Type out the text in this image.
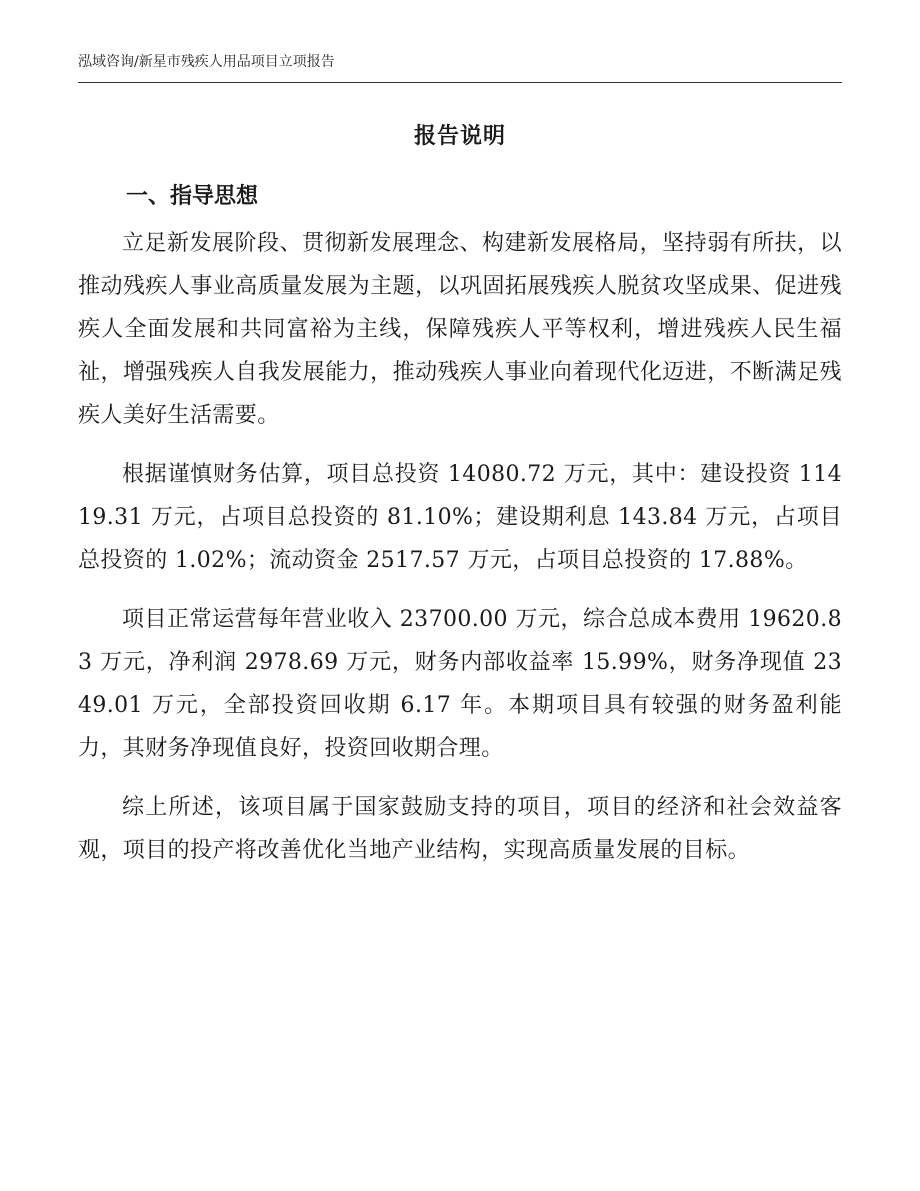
泓域咨询/新星市残疾人用品项目立项报告
报告说明
一、指导思想

立足新发展阶段、贯彻新发展理念、构建新发展格局，坚持弱有所扶，以推动残疾人事业高质量发展为主题，以巩固拓展残疾人脱贫攻坚成果、促进残疾人全面发展和共同富裕为主线，保障残疾人平等权利，增进残疾人民生福祉，增强残疾人自我发展能力，推动残疾人事业向着现代化迈进，不断满足残疾人美好生活需要。

根据谨慎财务估算，项目总投资 14080.72 万元，其中：建设投资 11419.31 万元，占项目总投资的 81.10%；建设期利息 143.84 万元，占项目总投资的 1.02%；流动资金 2517.57 万元，占项目总投资的 17.88%。

项目正常运营每年营业收入 23700.00 万元，综合总成本费用 19620.83 万元，净利润 2978.69 万元，财务内部收益率 15.99%，财务净现值 2349.01 万元，全部投资回收期 6.17 年。本期项目具有较强的财务盈利能力，其财务净现值良好，投资回收期合理。

综上所述，该项目属于国家鼓励支持的项目，项目的经济和社会效益客观，项目的投产将改善优化当地产业结构，实现高质量发展的目标。
